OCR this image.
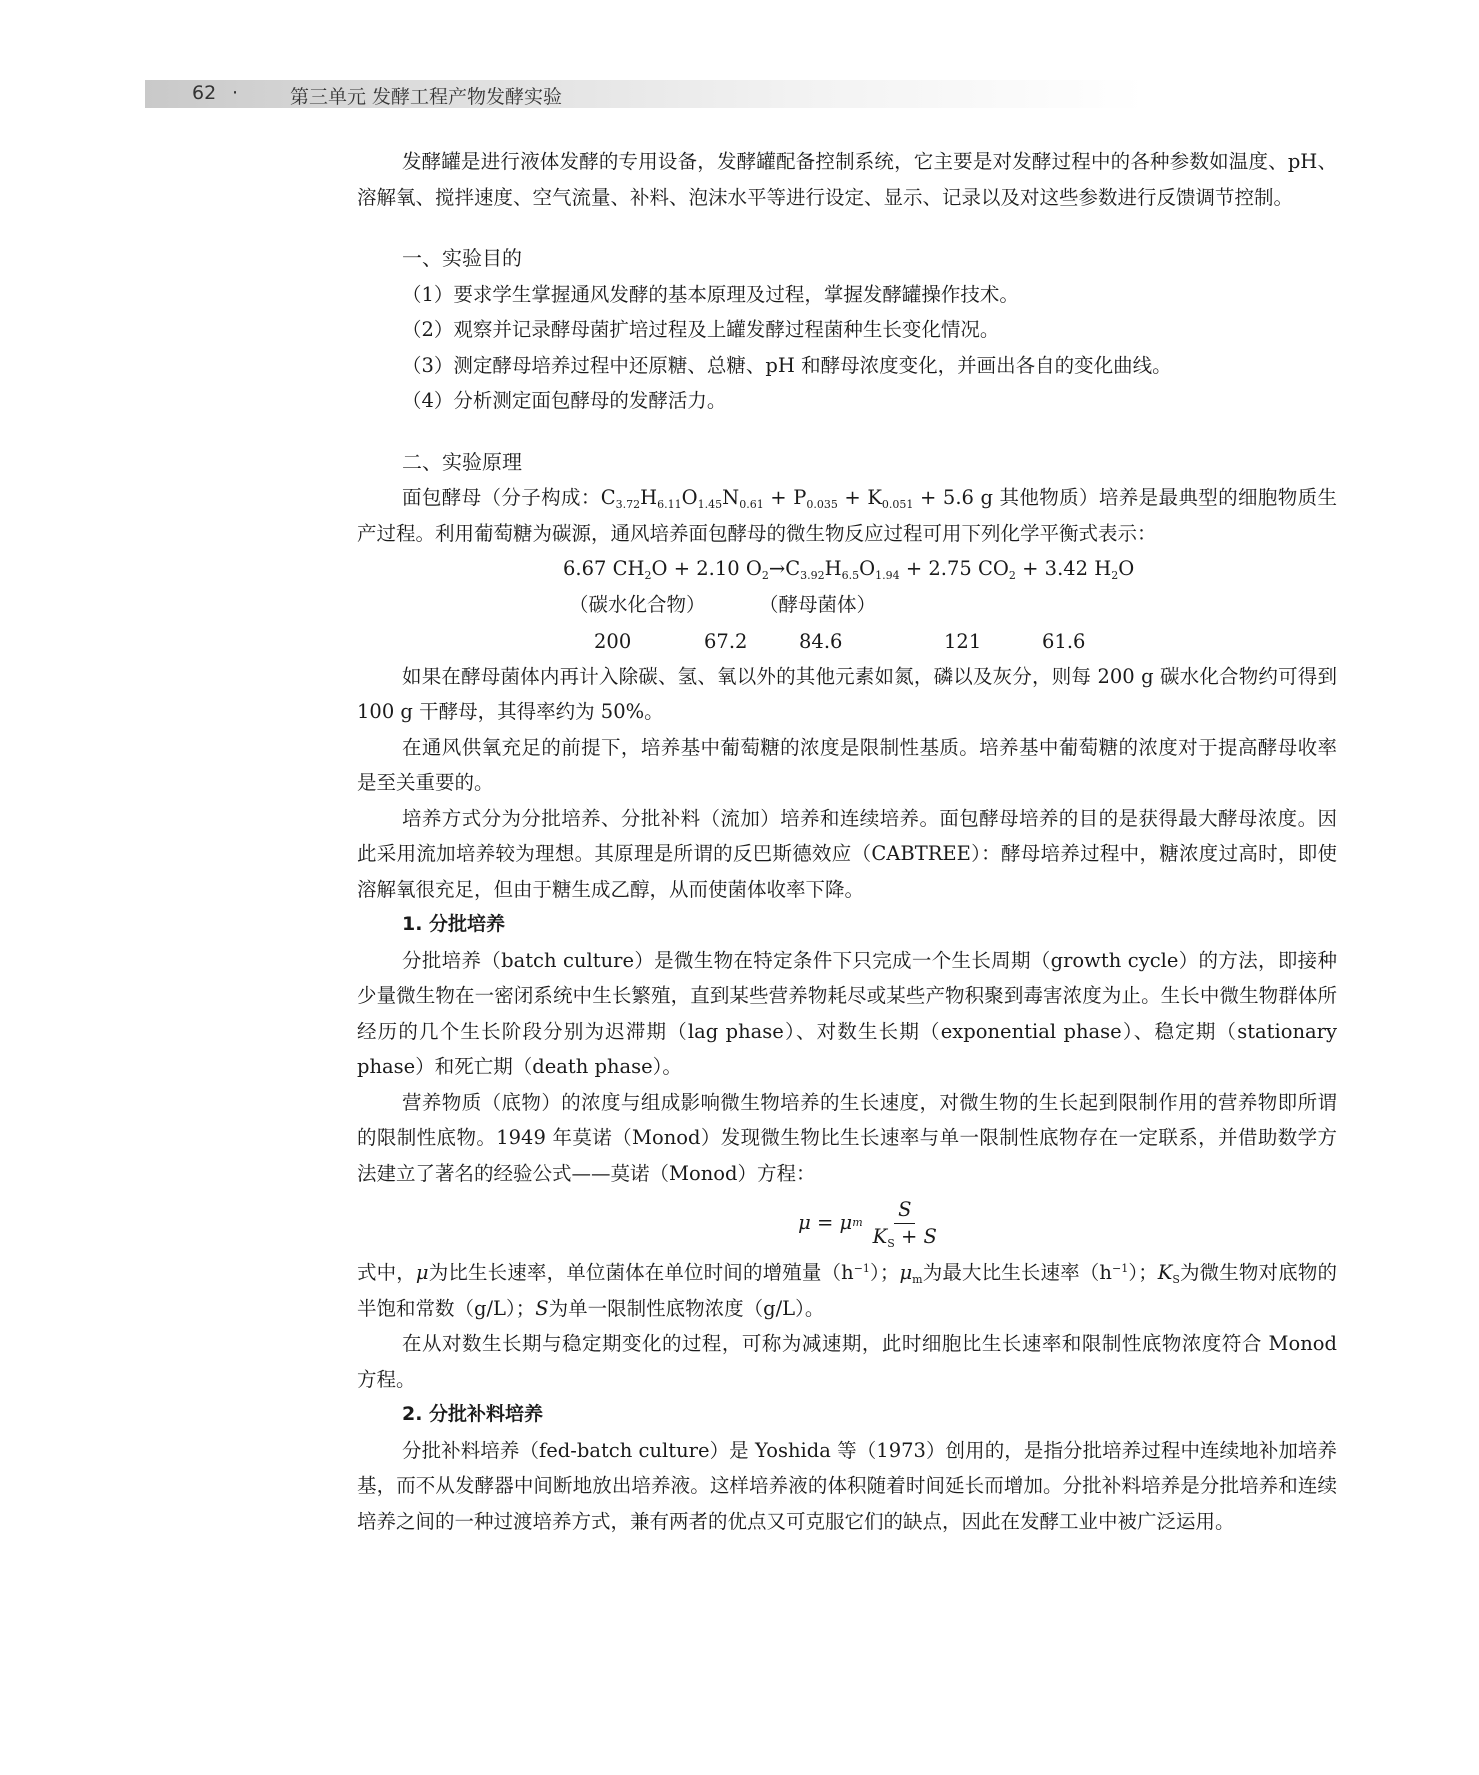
62 ·	第三单元 发酵工程产物发酵实验

发酵罐是进行液体发酵的专用设备，发酵罐配备控制系统，它主要是对发酵过程中的各种参数如温度、pH、溶解氧、搅拌速度、空气流量、补料、泡沫水平等进行设定、显示、记录以及对这些参数进行反馈调节控制。

一、实验目的

（1）要求学生掌握通风发酵的基本原理及过程，掌握发酵罐操作技术。

（2）观察并记录酵母菌扩培过程及上罐发酵过程菌种生长变化情况。

（3）测定酵母培养过程中还原糖、总糖、pH 和酵母浓度变化，并画出各自的变化曲线。

（4）分析测定面包酵母的发酵活力。

二、实验原理

面包酵母（分子构成：$C_{3.72}H_{6.11}O_{1.45}N_{0.61} + P_{0.035} + K_{0.051} + 5.6$ g 其他物质）培养是最典型的细胞物质生产过程。利用葡萄糖为碳源，通风培养面包酵母的微生物反应过程可用下列化学平衡式表示：

6.67 $CH_2O + 2.10$ $O_2\to C_{3.92}H_{6.5}O_{1.94} + 2.75$ $CO_2 + 3.42$ $H_2O$

（碳水化合物）	（酵母菌体）
200	67.2	84.6	121	61.6

如果在酵母菌体内再计入除碳、氢、氧以外的其他元素如氮，磷以及灰分，则每 200 g 碳水化合物约可得到 100 g 干酵母，其得率约为 50%。

在通风供氧充足的前提下，培养基中葡萄糖的浓度是限制性基质。培养基中葡萄糖的浓度对于提高酵母收率是至关重要的。

培养方式分为分批培养、分批补料（流加）培养和连续培养。面包酵母培养的目的是获得最大酵母浓度。因此采用流加培养较为理想。其原理是所谓的反巴斯德效应（CABTREE）：酵母培养过程中，糖浓度过高时，即使溶解氧很充足，但由于糖生成乙醇，从而使菌体收率下降。

1. 分批培养

分批培养（batch culture）是微生物在特定条件下只完成一个生长周期（growth cycle）的方法，即接种少量微生物在一密闭系统中生长繁殖，直到某些营养物耗尽或某些产物积聚到毒害浓度为止。生长中微生物群体所经历的几个生长阶段分别为迟滞期（lag phase）、对数生长期（exponential phase）、稳定期（stationary phase）和死亡期（death phase）。

营养物质（底物）的浓度与组成影响微生物培养的生长速度，对微生物的生长起到限制作用的营养物即所谓的限制性底物。1949 年莫诺（Monod）发现微生物比生长速率与单一限制性底物存在一定联系，并借助数学方法建立了著名的经验公式——莫诺（Monod）方程：

μ
=
μ m $\frac{S}{K_S + S}$

式中，μ为比生长速率，单位菌体在单位时间的增殖量$(h^{-1})$；$\mu_m$为最大比生长速率$(h^{-1})$；$K_S$为微生物对底物的半饱和常数（g/L）；S为单一限制性底物浓度（g/L）。

在从对数生长期与稳定期变化的过程，可称为减速期，此时细胞比生长速率和限制性底物浓度符合 Monod 方程。

2. 分批补料培养

分批补料培养（fed-batch culture）是 Yoshida 等（1973）创用的，是指分批培养过程中连续地补加培养基，而不从发酵器中间断地放出培养液。这样培养液的体积随着时间延长而增加。分批补料培养是分批培养和连续培养之间的一种过渡培养方式，兼有两者的优点又可克服它们的缺点，因此在发酵工业中被广泛运用。
